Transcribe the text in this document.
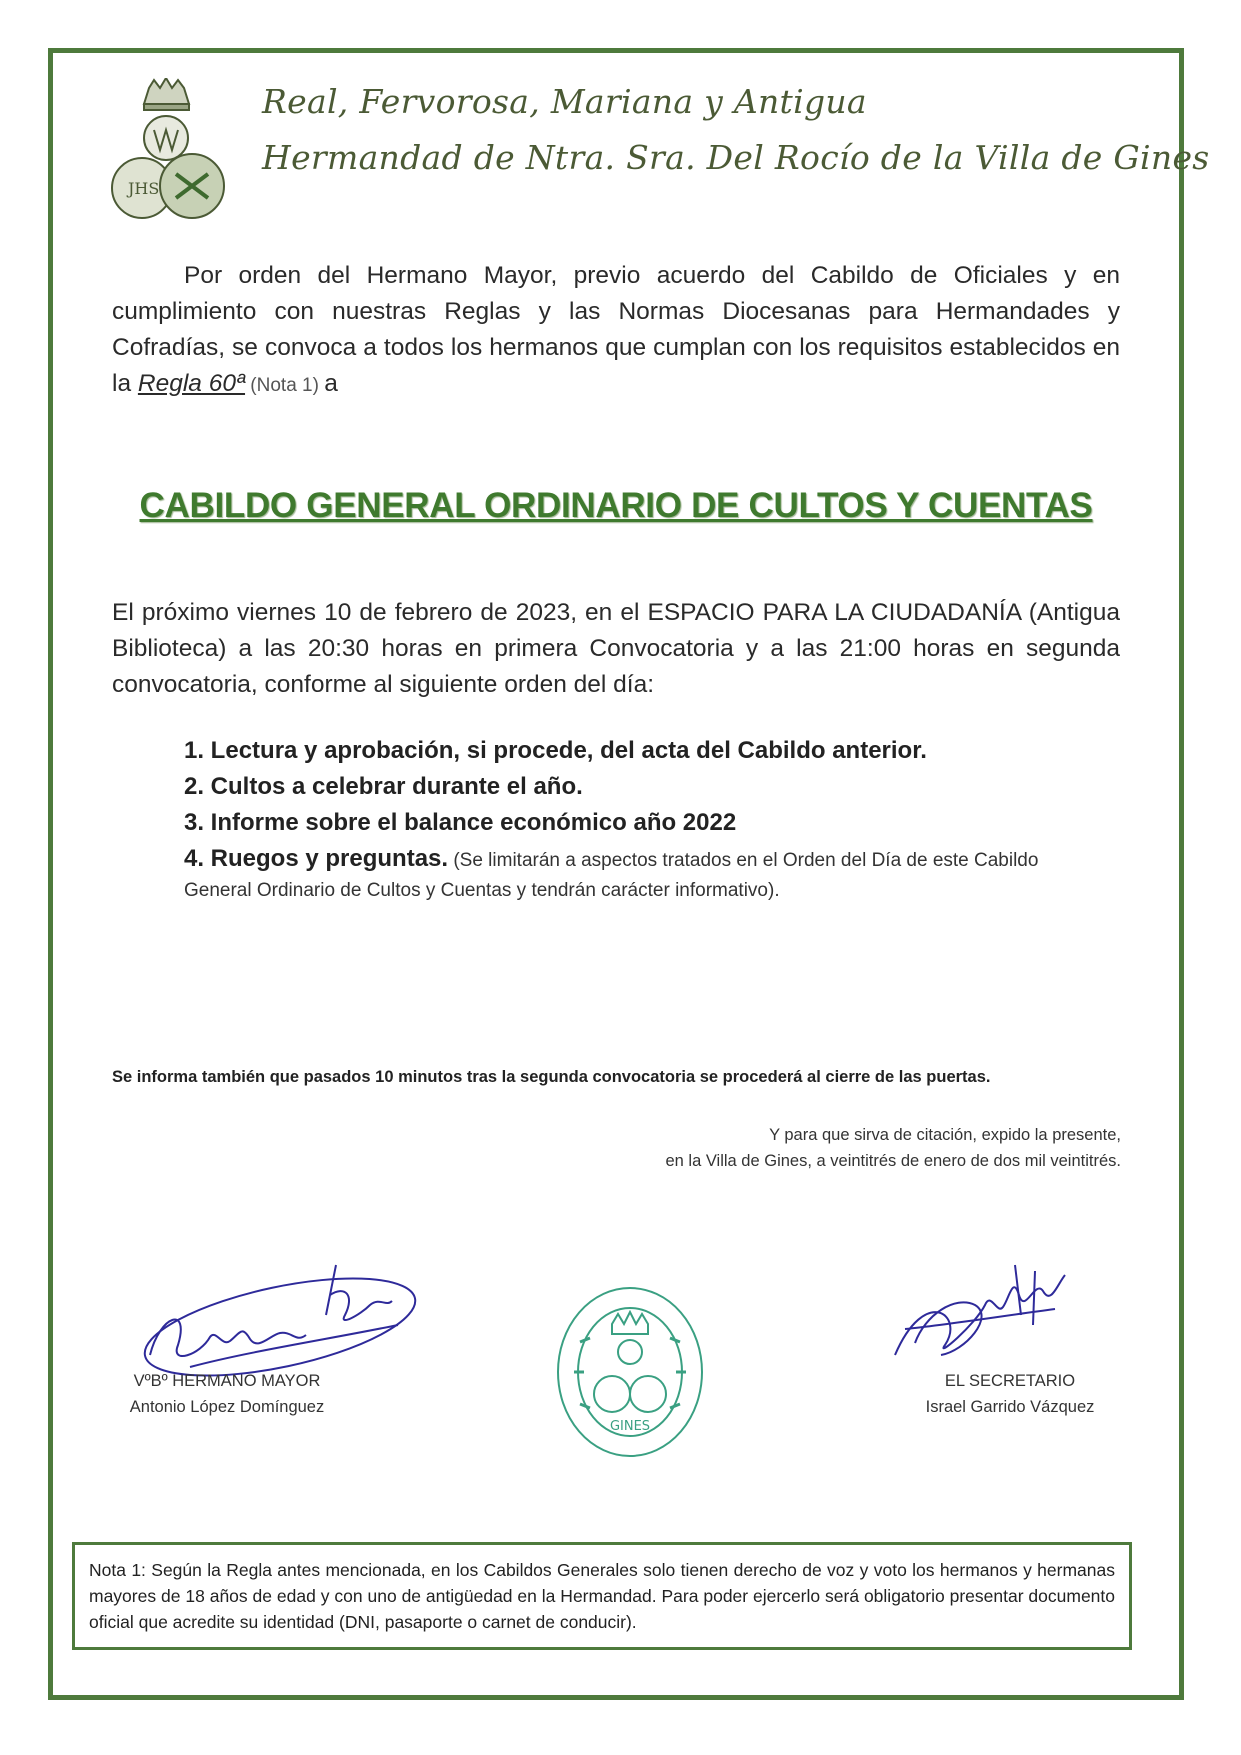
JHS
Real, Fervorosa, Mariana y Antigua
Hermandad de Ntra. Sra. Del Rocío de la Villa de Gines
Por orden del Hermano Mayor, previo acuerdo del Cabildo de Oficiales y en cumplimiento con nuestras Reglas y las Normas Diocesanas para Hermandades y Cofradías, se convoca a todos los hermanos que cumplan con los requisitos establecidos en la Regla 60ª (Nota 1) a
CABILDO GENERAL ORDINARIO DE CULTOS Y CUENTAS
El próximo viernes 10 de febrero de 2023, en el ESPACIO PARA LA CIUDADANÍA (Antigua Biblioteca) a las 20:30 horas en primera Convocatoria y a las 21:00 horas en segunda convocatoria, conforme al siguiente orden del día:
1. Lectura y aprobación, si procede, del acta del Cabildo anterior.
2. Cultos a celebrar durante el año.
3. Informe sobre el balance económico año 2022
4. Ruegos y preguntas. (Se limitarán a aspectos tratados en el Orden del Día de este Cabildo
General Ordinario de Cultos y Cuentas y tendrán carácter informativo).
Se informa también que pasados 10 minutos tras la segunda convocatoria se procederá al cierre de las puertas.
Y para que sirva de citación, expido la presente,
en la Villa de Gines, a veintitrés de enero de dos mil veintitrés.
VºBº HERMANO MAYOR
Antonio López Domínguez
GINES
EL SECRETARIO
Israel Garrido Vázquez
Nota 1: Según la Regla antes mencionada, en los Cabildos Generales solo tienen derecho de voz y voto los hermanos y hermanas mayores de 18 años de edad y con uno de antigüedad en la Hermandad. Para poder ejercerlo será obligatorio presentar documento oficial que acredite su identidad (DNI, pasaporte o carnet de conducir).
